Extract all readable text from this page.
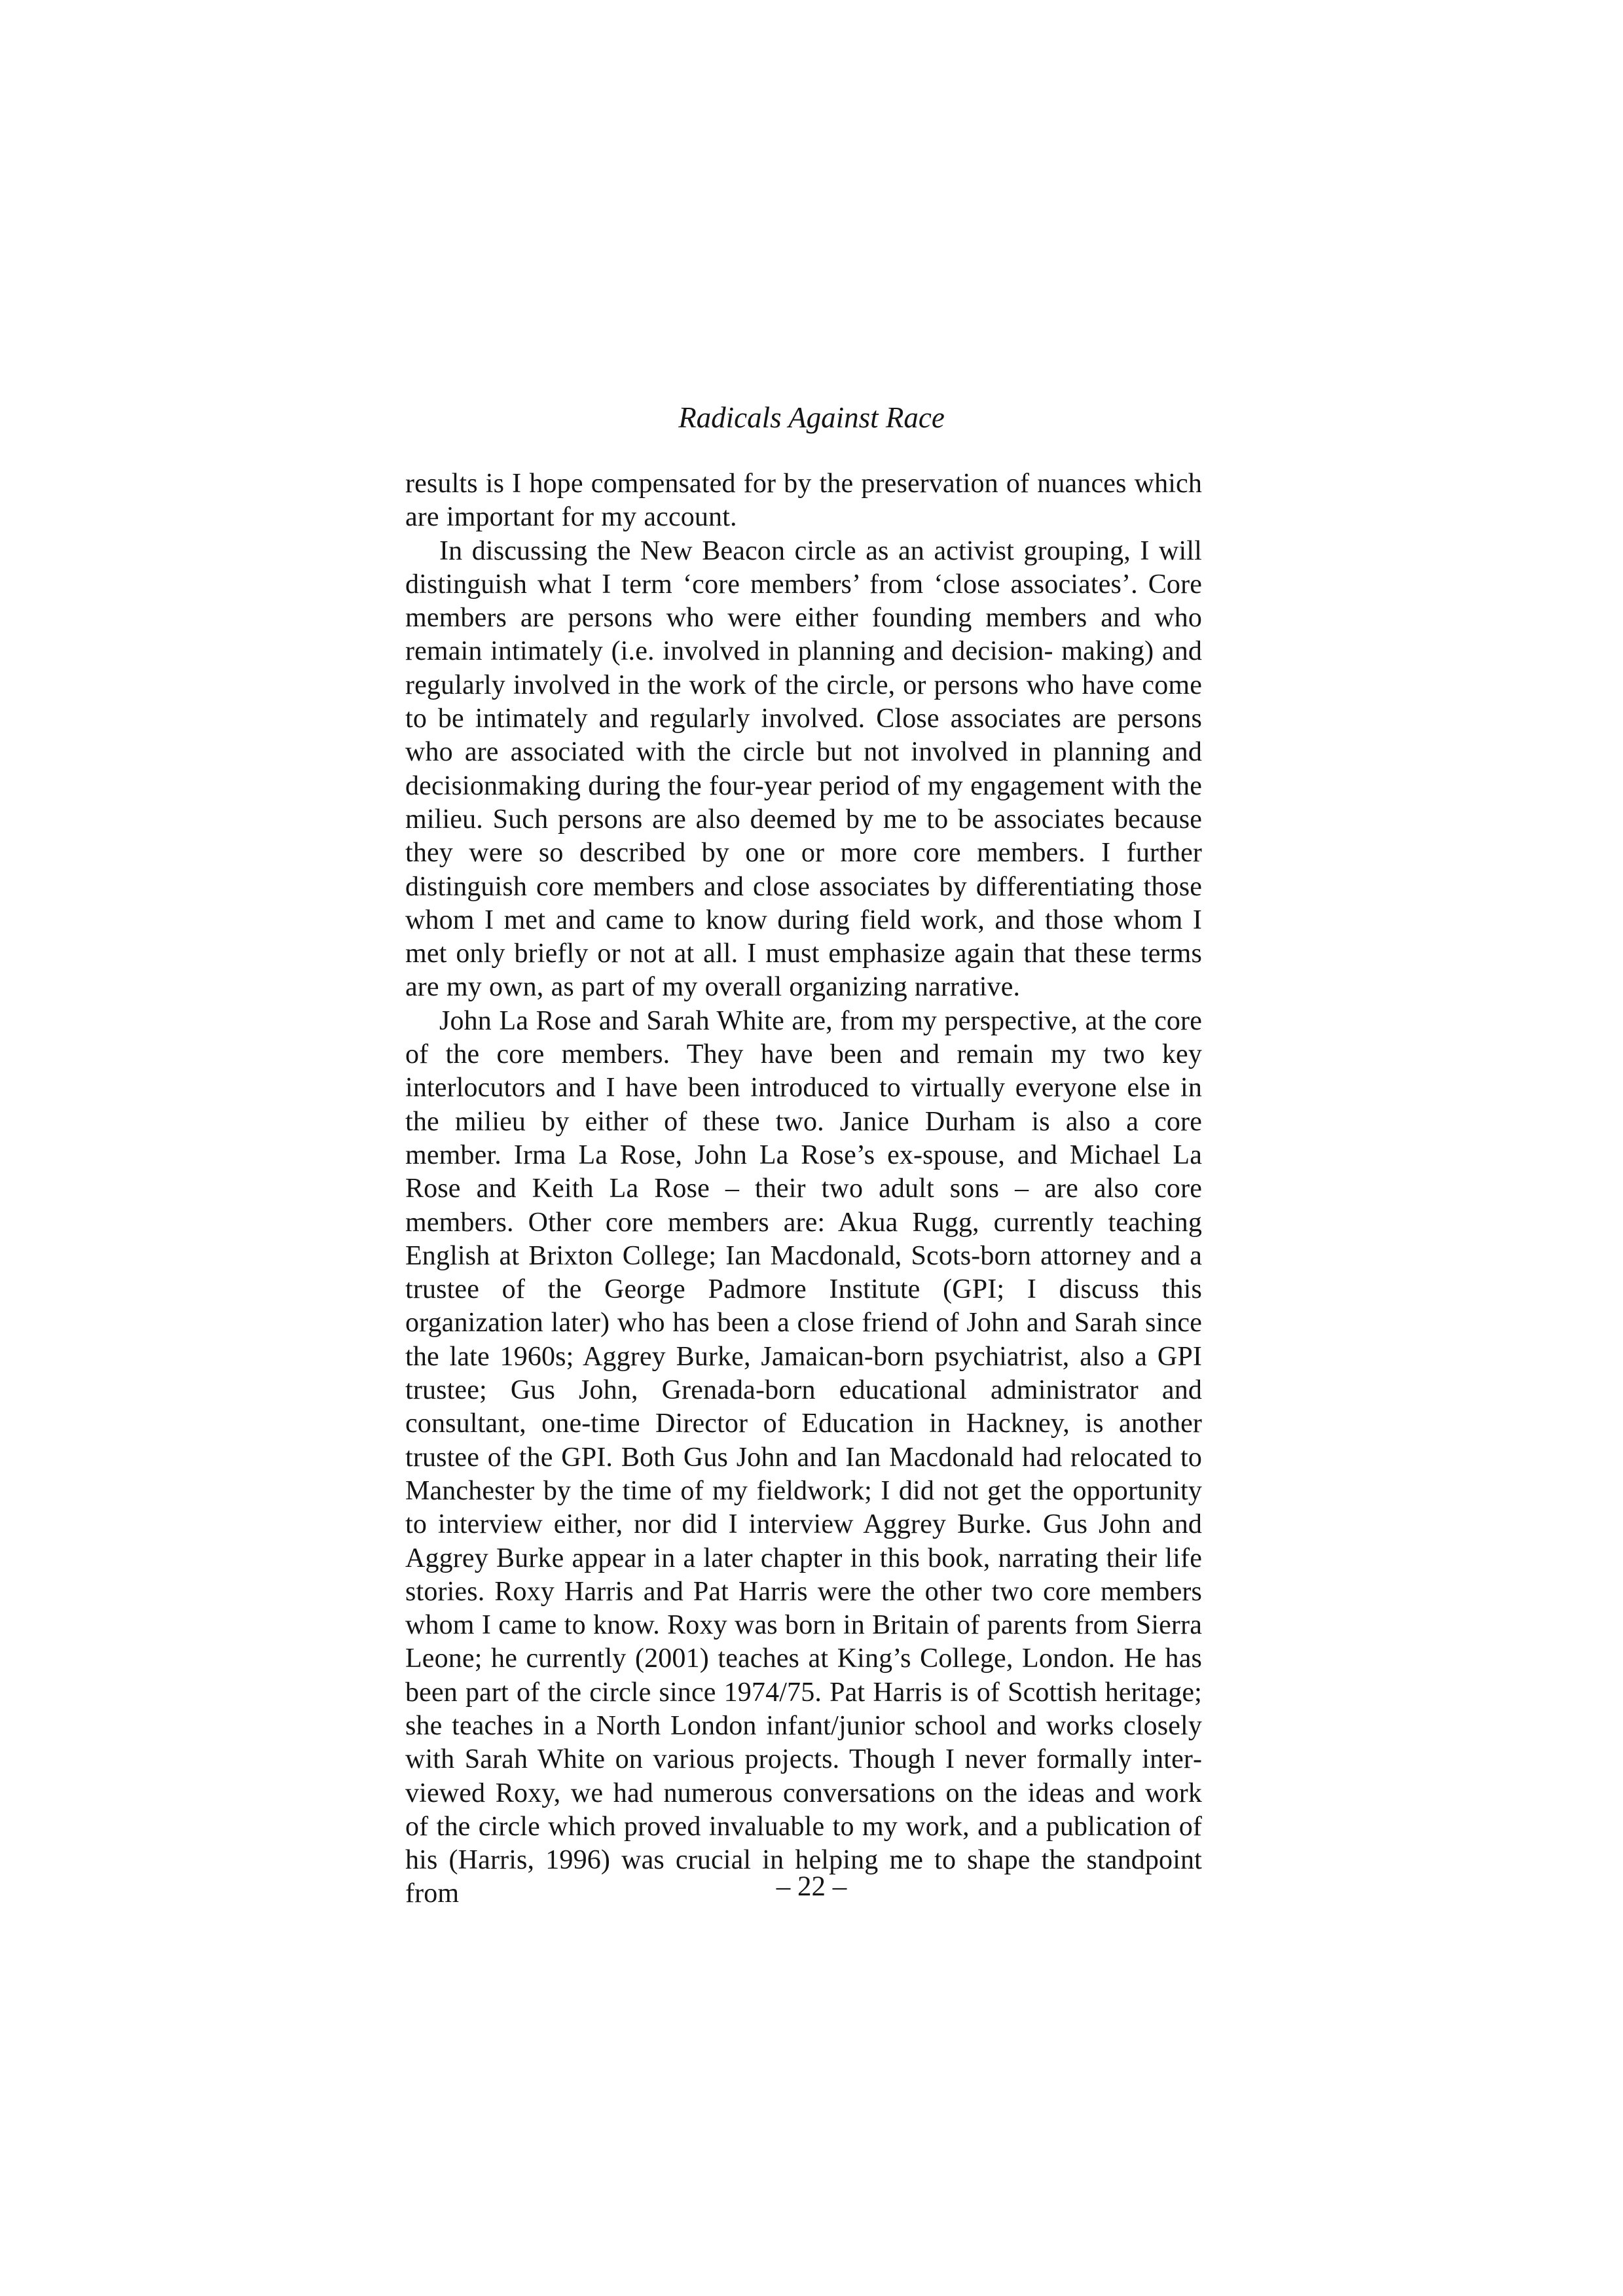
Radicals Against Race

results is I hope compensated for by the preservation of nuances which are important for my account.

In discussing the New Beacon circle as an activist grouping, I will distinguish what I term ‘core members’ from ‘close associates’. Core members are persons who were either founding members and who remain intimately (i.e. involved in planning and decision- making) and regularly involved in the work of the circle, or persons who have come to be intimately and regularly involved. Close associates are persons who are associated with the circle but not involved in planning and decisionmaking during the four-year period of my engagement with the milieu. Such persons are also deemed by me to be associates because they were so described by one or more core members. I further distinguish core members and close associates by differentiating those whom I met and came to know during field work, and those whom I met only briefly or not at all. I must emphasize again that these terms are my own, as part of my overall organizing narrative.

John La Rose and Sarah White are, from my perspective, at the core of the core members. They have been and remain my two key interlocutors and I have been introduced to virtually everyone else in the milieu by either of these two. Janice Durham is also a core member. Irma La Rose, John La Rose’s ex-spouse, and Michael La Rose and Keith La Rose – their two adult sons – are also core members. Other core members are: Akua Rugg, currently teaching English at Brixton College; Ian Macdonald, Scots-born attorney and a trustee of the George Padmore Institute (GPI; I discuss this organization later) who has been a close friend of John and Sarah since the late 1960s; Aggrey Burke, Jamaican-born psychiatrist, also a GPI trustee; Gus John, Grenada-born educational administrator and consultant, one-time Director of Education in Hackney, is another trustee of the GPI. Both Gus John and Ian Macdonald had relocated to Manchester by the time of my fieldwork; I did not get the opportunity to interview either, nor did I interview Aggrey Burke. Gus John and Aggrey Burke appear in a later chapter in this book, narrating their life stories. Roxy Harris and Pat Harris were the other two core members whom I came to know. Roxy was born in Britain of parents from Sierra Leone; he currently (2001) teaches at King’s College, London. He has been part of the circle since 1974/75. Pat Harris is of Scottish heritage; she teaches in a North London infant/junior school and works closely with Sarah White on various projects. Though I never formally interviewed Roxy, we had numerous conversations on the ideas and work of the circle which proved invaluable to my work, and a publication of his (Harris, 1996) was crucial in helping me to shape the standpoint from	– 22 –
